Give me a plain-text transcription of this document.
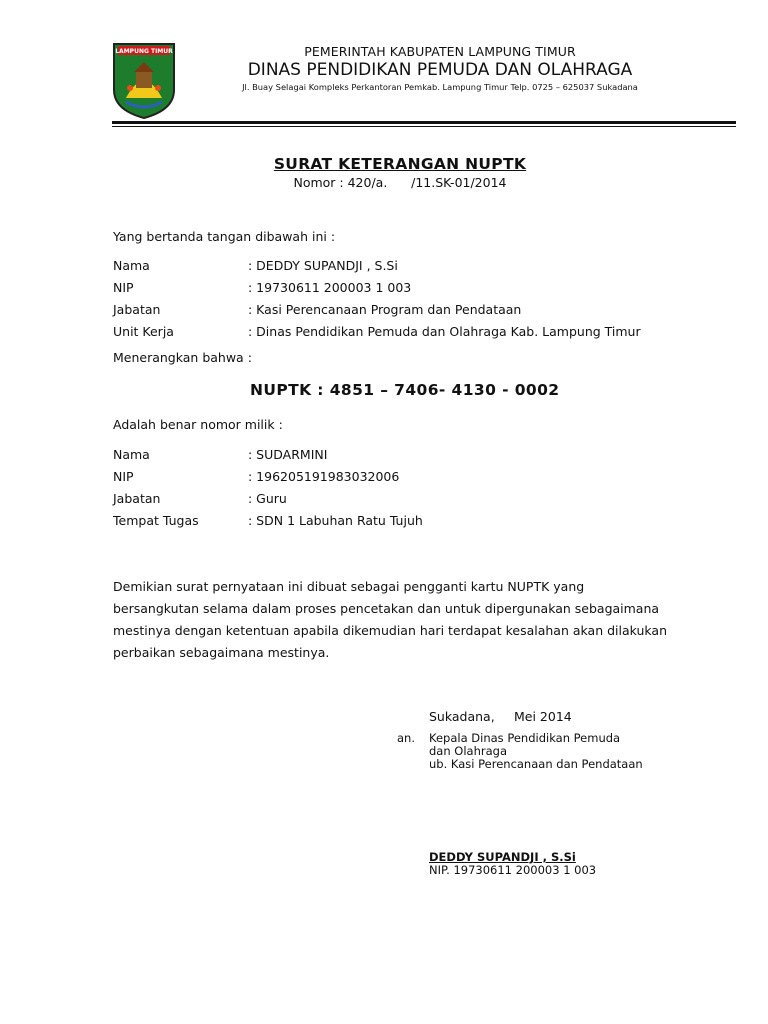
LAMPUNG TIMUR	PEMERINTAH KABUPATEN LAMPUNG TIMUR
DINAS PENDIDIKAN PEMUDA DAN OLAHRAGA
Jl. Buay Selagai Kompleks Perkantoran Pemkab. Lampung Timur Telp. 0725 – 625037 Sukadana
SURAT KETERANGAN NUPTK
Nomor : 420/a.      /11.SK-01/2014
Yang bertanda tangan dibawah ini :
Nama	: DEDDY SUPANDJI , S.Si
NIP	: 19730611 200003 1 003
Jabatan	: Kasi Perencanaan Program dan Pendataan
Unit Kerja	: Dinas Pendidikan Pemuda dan Olahraga Kab. Lampung Timur
Menerangkan bahwa :
NUPTK : 4851 – 7406- 4130 - 0002
Adalah benar nomor milik :
Nama	: SUDARMINI
NIP	: 196205191983032006
Jabatan	: Guru
Tempat Tugas	: SDN 1 Labuhan Ratu Tujuh
Demikian surat pernyataan ini dibuat sebagai pengganti kartu NUPTK yang
bersangkutan selama dalam proses pencetakan dan untuk dipergunakan sebagaimana
mestinya dengan ketentuan apabila dikemudian hari terdapat kesalahan akan dilakukan
perbaikan sebagaimana mestinya.
Sukadana, Mei 2014
an. Kepala Dinas Pendidikan Pemuda
dan Olahraga
ub. Kasi Perencanaan dan Pendataan
DEDDY SUPANDJI , S.Si
NIP. 19730611 200003 1 003
